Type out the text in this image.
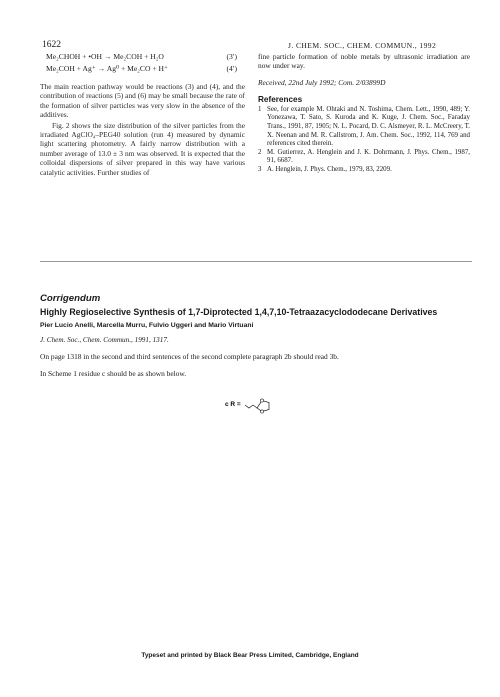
1622	J. CHEM. SOC., CHEM. COMMUN., 1992
Me₂CHOH + •OH → Me₂COH + H₂O	(3′)
Me₂COH + Ag⁺ → Ag⁰ + Me₂CO + H⁺	(4′)
The main reaction pathway would be reactions (3) and (4), and the contribution of reactions (5) and (6) may be small because the rate of the formation of silver particles was very slow in the absence of the additives.
Fig. 2 shows the size distribution of the silver particles from the irradiated AgClO₄–PEG40 solution (run 4) measured by dynamic light scattering photometry. A fairly narrow distribution with a number average of 13.0 ± 3 nm was observed. It is expected that the colloidal dispersions of silver prepared in this way have various catalytic activities. Further studies of
fine particle formation of noble metals by ultrasonic irradiation are now under way.
Received, 22nd July 1992; Com. 2/03899D
References
1 See, for example M. Ohtaki and N. Toshima, Chem. Lett., 1990, 489; Y. Yonezawa, T. Sato, S. Kuroda and K. Kuge, J. Chem. Soc., Faraday Trans., 1991, 87, 1905; N. L. Pocard, D. C. Alsmeyer, R. L. McCreery, T. X. Neenan and M. R. Callstrom, J. Am. Chem. Soc., 1992, 114, 769 and references cited therein.
2 M. Gutierrez, A. Henglein and J. K. Dohrmann, J. Phys. Chem., 1987, 91, 6687.
3 A. Henglein, J. Phys. Chem., 1979, 83, 2209.
Corrigendum
Highly Regioselective Synthesis of 1,7-Diprotected 1,4,7,10-Tetraazacyclododecane Derivatives
Pier Lucio Anelli, Marcella Murru, Fulvio Uggeri and Mario Virtuani
J. Chem. Soc., Chem. Commun., 1991, 1317.
On page 1318 in the second and third sentences of the second complete paragraph 2b should read 3b.
In Scheme 1 residue c should be as shown below.
c R =
Typeset and printed by Black Bear Press Limited, Cambridge, England
